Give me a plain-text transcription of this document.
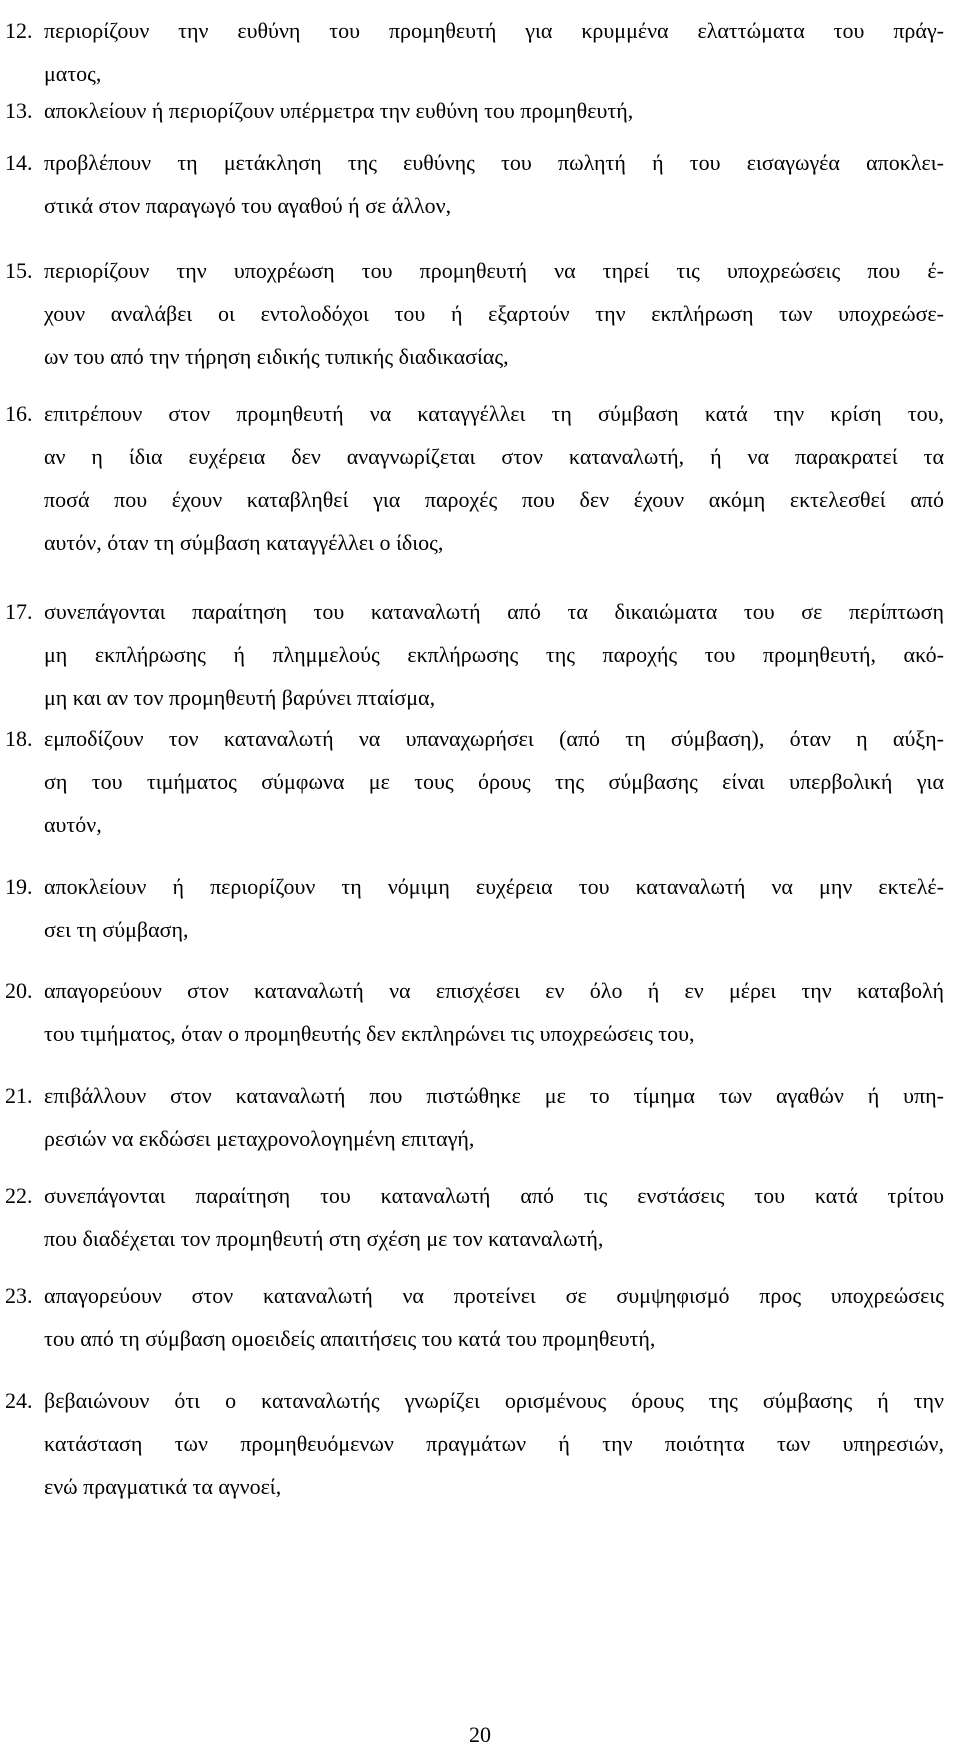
12. περιορίζουν την ευθύνη του προμηθευτή για κρυμμένα ελαττώματα του πράγ-
ματος,
13. αποκλείουν ή περιορίζουν υπέρμετρα την ευθύνη του προμηθευτή,
14. προβλέπουν τη μετάκληση της ευθύνης του πωλητή ή του εισαγωγέα αποκλει-
στικά στον παραγωγό του αγαθού ή σε άλλον,
15. περιορίζουν την υποχρέωση του προμηθευτή να τηρεί τις υποχρεώσεις που έ-
χουν αναλάβει οι εντολοδόχοι του ή εξαρτούν την εκπλήρωση των υποχρεώσε-
ων του από την τήρηση ειδικής τυπικής διαδικασίας,
16. επιτρέπουν στον προμηθευτή να καταγγέλλει τη σύμβαση κατά την κρίση του,
αν η ίδια ευχέρεια δεν αναγνωρίζεται στον καταναλωτή, ή να παρακρατεί τα
ποσά που έχουν καταβληθεί για παροχές που δεν έχουν ακόμη εκτελεσθεί από
αυτόν, όταν τη σύμβαση καταγγέλλει ο ίδιος,
17. συνεπάγονται παραίτηση του καταναλωτή από τα δικαιώματα του σε περίπτωση
μη εκπλήρωσης ή πλημμελούς εκπλήρωσης της παροχής του προμηθευτή, ακό-
μη και αν τον προμηθευτή βαρύνει πταίσμα,
18. εμποδίζουν τον καταναλωτή να υπαναχωρήσει (από τη σύμβαση), όταν η αύξη-
ση του τιμήματος σύμφωνα με τους όρους της σύμβασης είναι υπερβολική για
αυτόν,
19. αποκλείουν ή περιορίζουν τη νόμιμη ευχέρεια του καταναλωτή να μην εκτελέ-
σει τη σύμβαση,
20. απαγορεύουν στον καταναλωτή να επισχέσει εν όλο ή εν μέρει την καταβολή
του τιμήματος, όταν ο προμηθευτής δεν εκπληρώνει τις υποχρεώσεις του,
21. επιβάλλουν στον καταναλωτή που πιστώθηκε με το τίμημα των αγαθών ή υπη-
ρεσιών να εκδώσει μεταχρονολογημένη επιταγή,
22. συνεπάγονται παραίτηση του καταναλωτή από τις ενστάσεις του κατά τρίτου
που διαδέχεται τον προμηθευτή στη σχέση με τον καταναλωτή,
23. απαγορεύουν στον καταναλωτή να προτείνει σε συμψηφισμό προς υποχρεώσεις
του από τη σύμβαση ομοειδείς απαιτήσεις του κατά του προμηθευτή,
24. βεβαιώνουν ότι ο καταναλωτής γνωρίζει ορισμένους όρους της σύμβασης ή την
κατάσταση των προμηθευόμενων πραγμάτων ή την ποιότητα των υπηρεσιών,
ενώ πραγματικά τα αγνοεί,
20
